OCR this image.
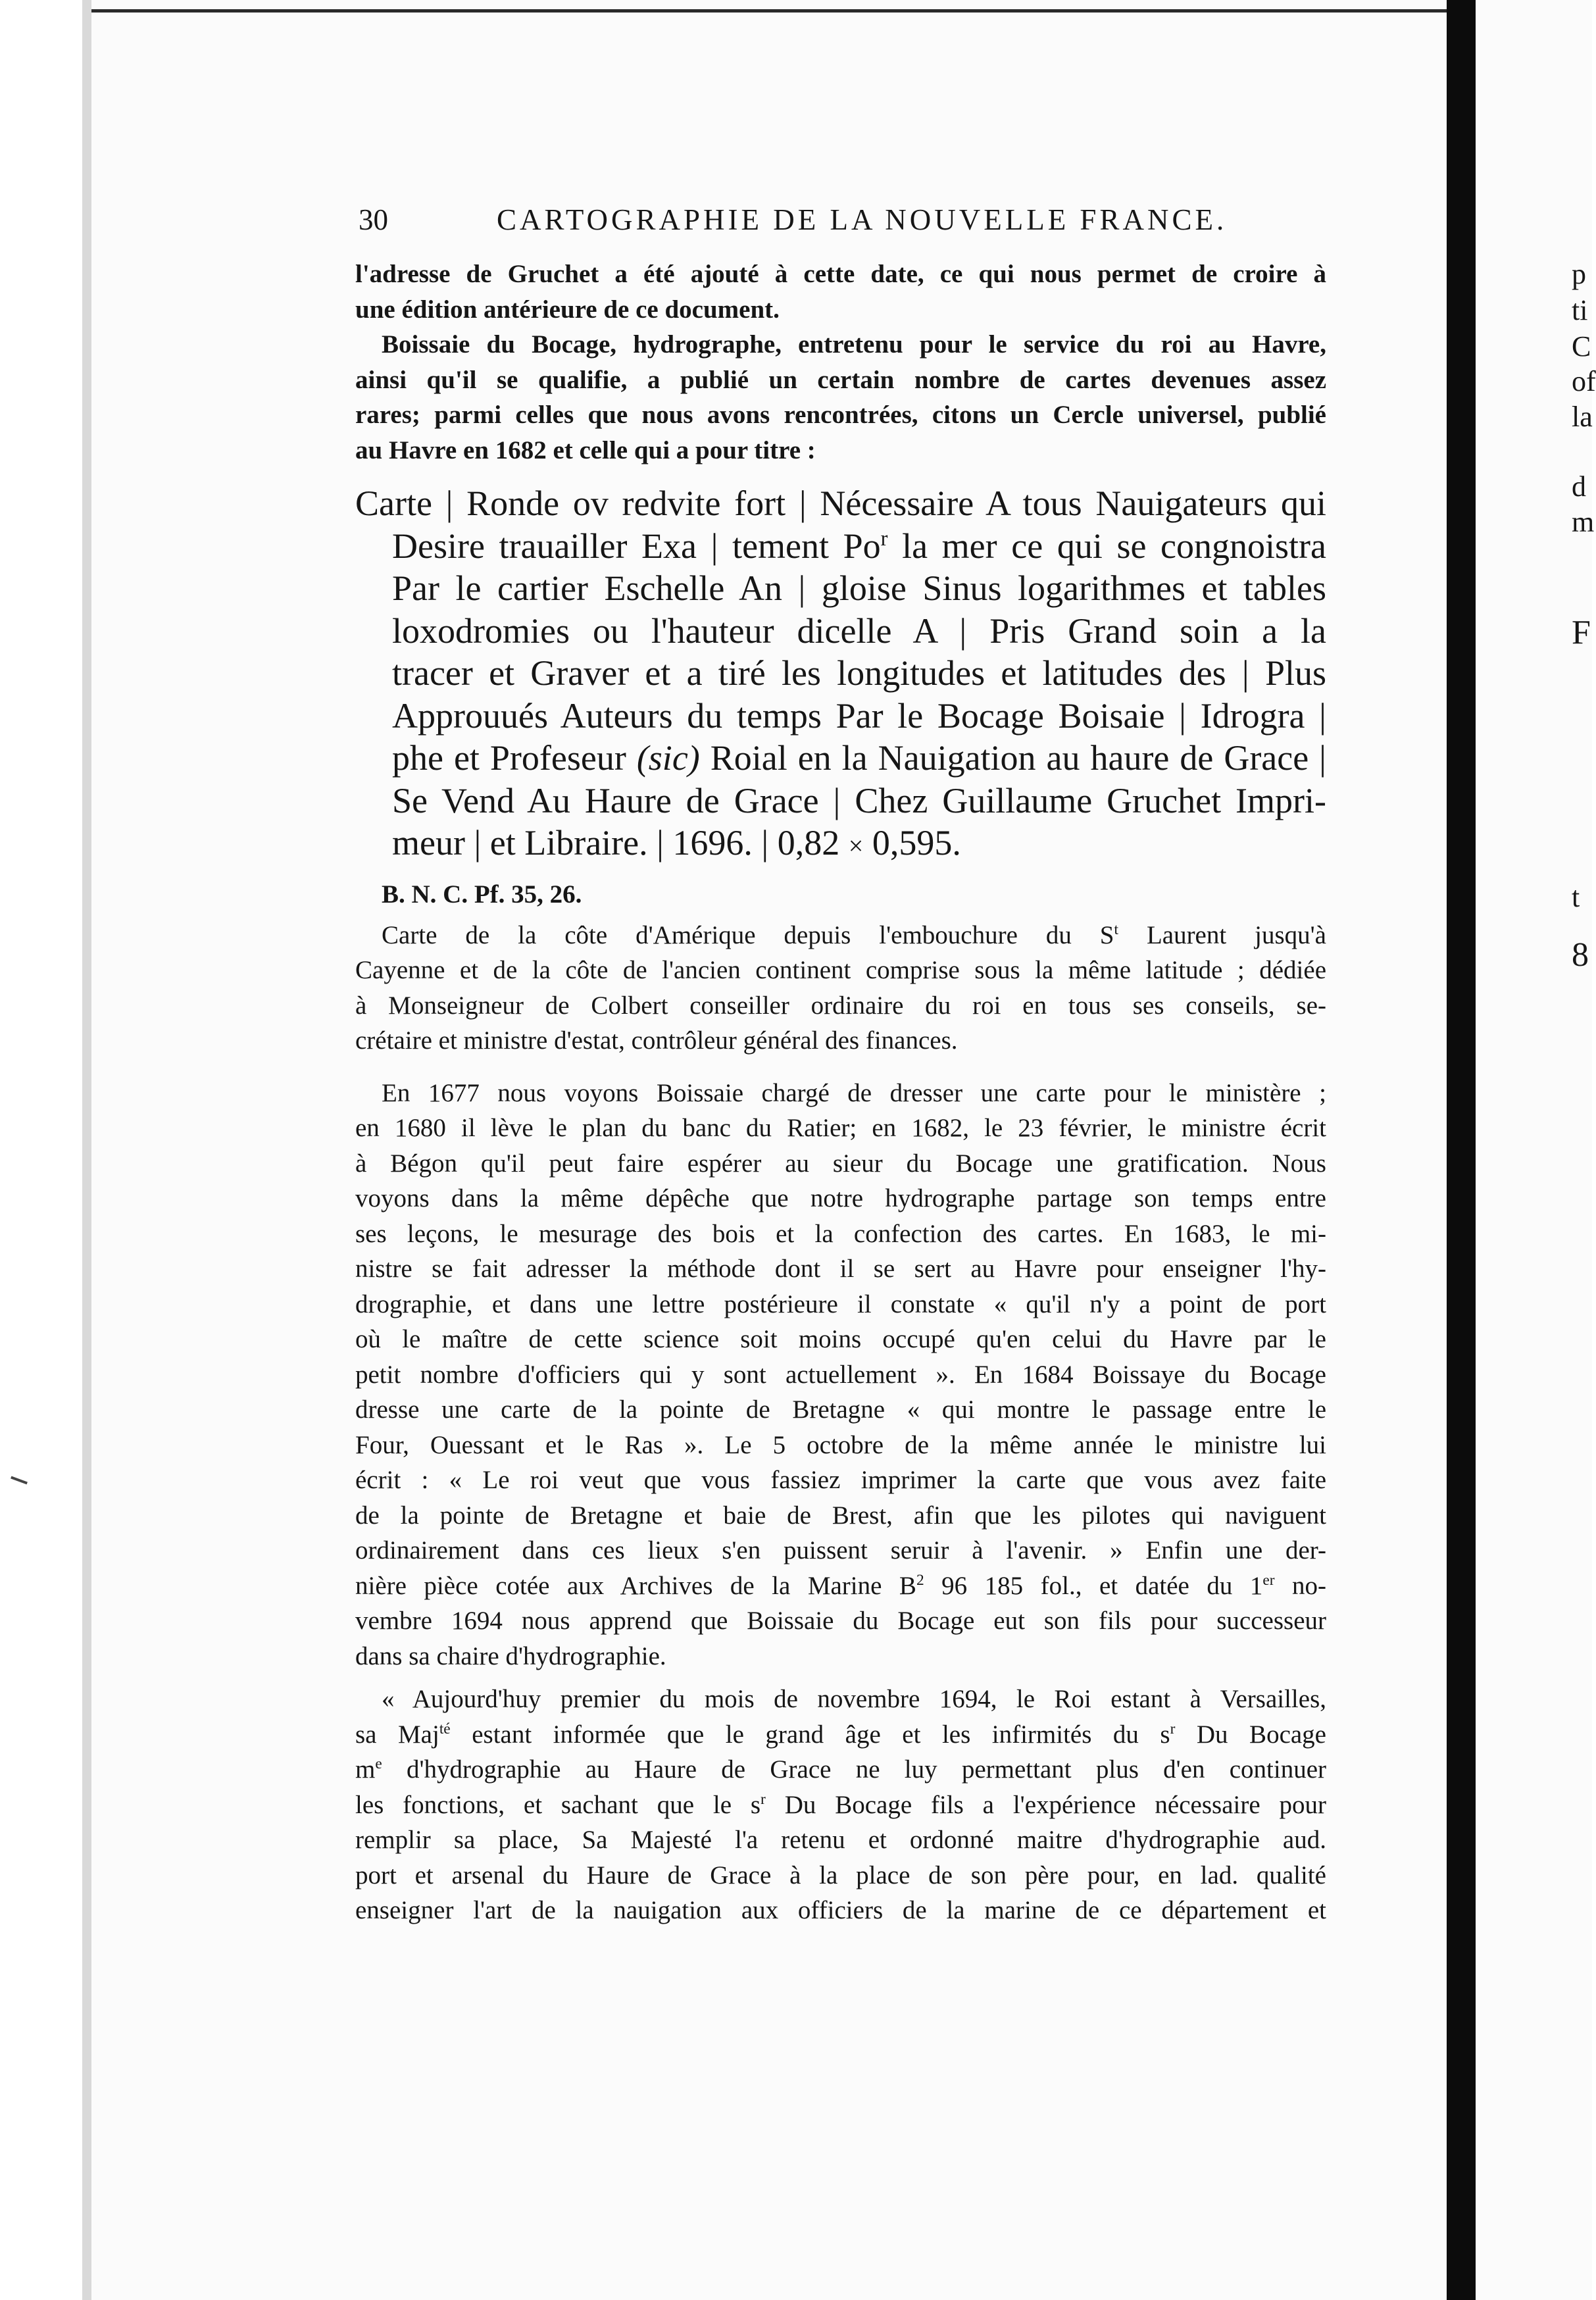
p
ti
C
of
la
d
m
F
t
8
30	CARTOGRAPHIE DE LA NOUVELLE FRANCE.

l'adresse de Gruchet a été ajouté à cette date, ce qui nous permet de croire à
une édition antérieure de ce document.

Boissaie du Bocage, hydrographe, entretenu pour le service du roi au Havre,

ainsi qu'il se qualifie, a publié un certain nombre de cartes devenues assez
rares; parmi celles que nous avons rencontrées, citons un Cercle universel, publié
au Havre en 1682 et celle qui a pour titre :

Carte | Ronde ov redvite fort | Nécessaire A tous Nauigateurs qui
Desire trauailler Exa | tement Po$^r$ la mer ce qui se congnoistra
Par le cartier Eschelle An | gloise Sinus logarithmes et tables
loxodromies ou l'hauteur dicelle A | Pris Grand soin a la
tracer et Graver et a tiré les longitudes et latitudes des | Plus
Approuués Auteurs du temps Par le Bocage Boisaie | Idrogra |
phe et Profeseur (sic) Roial en la Nauigation au haure de Grace |
Se Vend Au Haure de Grace | Chez Guillaume Gruchet Impri-
meur | et Libraire. | 1696. | 0,82 × 0,595.

B. N. C. Pf. 35, 26.

Carte de la côte d'Amérique depuis l'embouchure du $S^t$ Laurent jusqu'à

Cayenne et de la côte de l'ancien continent comprise sous la même latitude ; dédiée
à Monseigneur de Colbert conseiller ordinaire du roi en tous ses conseils, se-
crétaire et ministre d'estat, contrôleur général des finances.

En 1677 nous voyons Boissaie chargé de dresser une carte pour le ministère ;

en 1680 il lève le plan du banc du Ratier; en 1682, le 23 février, le ministre écrit
à Bégon qu'il peut faire espérer au sieur du Bocage une gratification. Nous
voyons dans la même dépêche que notre hydrographe partage son temps entre
ses leçons, le mesurage des bois et la confection des cartes. En 1683, le mi-
nistre se fait adresser la méthode dont il se sert au Havre pour enseigner l'hy-
drographie, et dans une lettre postérieure il constate « qu'il n'y a point de port
où le maître de cette science soit moins occupé qu'en celui du Havre par le
petit nombre d'officiers qui y sont actuellement ». En 1684 Boissaye du Bocage
dresse une carte de la pointe de Bretagne « qui montre le passage entre le
Four, Ouessant et le Ras ». Le 5 octobre de la même année le ministre lui
écrit : « Le roi veut que vous fassiez imprimer la carte que vous avez faite
de la pointe de Bretagne et baie de Brest, afin que les pilotes qui naviguent
ordinairement dans ces lieux s'en puissent seruir à l'avenir. » Enfin une der-
nière pièce cotée aux Archives de la Marine $B^2$ 96 185 fol., et datée du 1er no-
vembre 1694 nous apprend que Boissaie du Bocage eut son fils pour successeur
dans sa chaire d'hydrographie.

« Aujourd'huy premier du mois de novembre 1694, le Roi estant à Versailles,

sa Maj$^{té}$ estant informée que le grand âge et les infirmités du $s^r$ Du Bocage
$m^e$ d'hydrographie au Haure de Grace ne luy permettant plus d'en continuer
les fonctions, et sachant que le $s^r$ Du Bocage fils a l'expérience nécessaire pour
remplir sa place, Sa Majesté l'a retenu et ordonné maitre d'hydrographie aud.
port et arsenal du Haure de Grace à la place de son père pour, en lad. qualité
enseigner l'art de la nauigation aux officiers de la marine de ce département et
